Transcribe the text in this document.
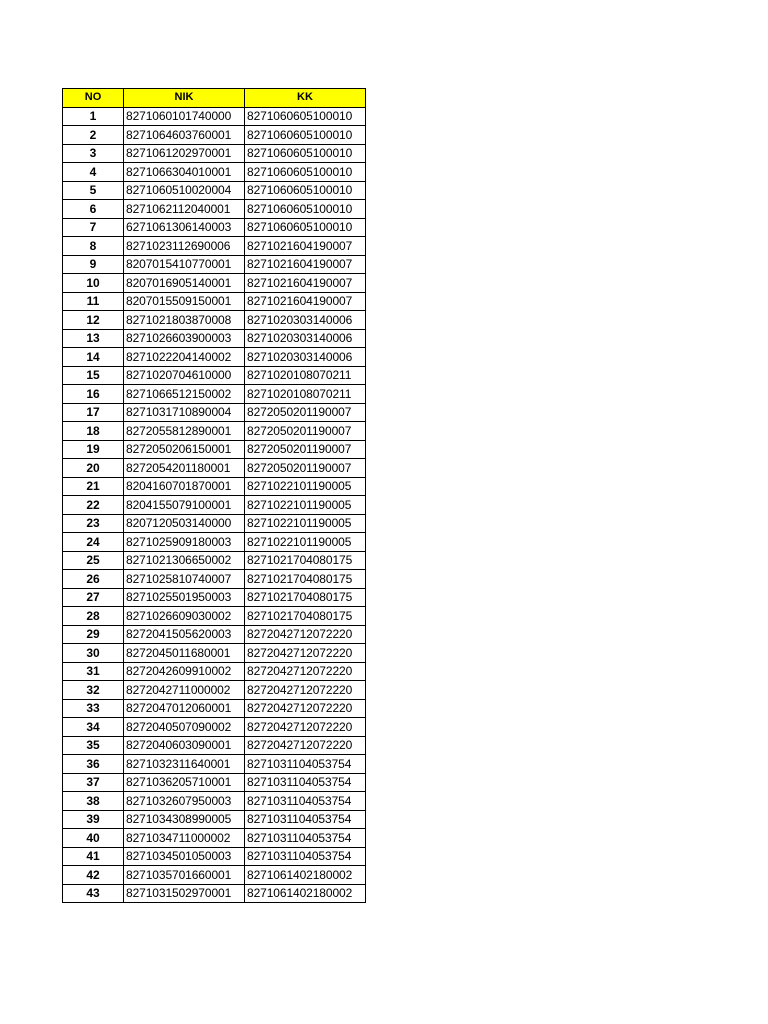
NO	NIK	KK
1	8271060101740000	8271060605100010
2	8271064603760001	8271060605100010
3	8271061202970001	8271060605100010
4	8271066304010001	8271060605100010
5	8271060510020004	8271060605100010
6	8271062112040001	8271060605100010
7	6271061306140003	8271060605100010
8	8271023112690006	8271021604190007
9	8207015410770001	8271021604190007
10	8207016905140001	8271021604190007
11	8207015509150001	8271021604190007
12	8271021803870008	8271020303140006
13	8271026603900003	8271020303140006
14	8271022204140002	8271020303140006
15	8271020704610000	8271020108070211
16	8271066512150002	8271020108070211
17	8271031710890004	8272050201190007
18	8272055812890001	8272050201190007
19	8272050206150001	8272050201190007
20	8272054201180001	8272050201190007
21	8204160701870001	8271022101190005
22	8204155079100001	8271022101190005
23	8207120503140000	8271022101190005
24	8271025909180003	8271022101190005
25	8271021306650002	8271021704080175
26	8271025810740007	8271021704080175
27	8271025501950003	8271021704080175
28	8271026609030002	8271021704080175
29	8272041505620003	8272042712072220
30	8272045011680001	8272042712072220
31	8272042609910002	8272042712072220
32	8272042711000002	8272042712072220
33	8272047012060001	8272042712072220
34	8272040507090002	8272042712072220
35	8272040603090001	8272042712072220
36	8271032311640001	8271031104053754
37	8271036205710001	8271031104053754
38	8271032607950003	8271031104053754
39	8271034308990005	8271031104053754
40	8271034711000002	8271031104053754
41	8271034501050003	8271031104053754
42	8271035701660001	8271061402180002
43	8271031502970001	8271061402180002
